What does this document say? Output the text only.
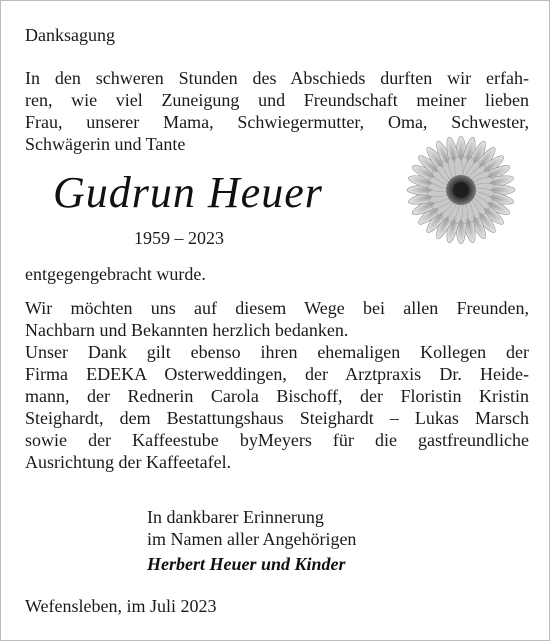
Danksagung
In den schweren Stunden des Abschieds durften wir erfah-
ren, wie viel Zuneigung und Freundschaft meiner lieben
Frau, unserer Mama, Schwiegermutter, Oma, Schwester,
Schwägerin und Tante
Gudrun Heuer
1959 – 2023
entgegengebracht wurde.
Wir möchten uns auf diesem Wege bei allen Freunden,
Nachbarn und Bekannten herzlich bedanken.
Unser Dank gilt ebenso ihren ehemaligen Kollegen der
Firma EDEKA Osterweddingen, der Arztpraxis Dr. Heide-
mann, der Rednerin Carola Bischoff, der Floristin Kristin
Steighardt, dem Bestattungshaus Steighardt – Lukas Marsch
sowie der Kaffeestube byMeyers für die gastfreundliche
Ausrichtung der Kaffeetafel.
In dankbarer Erinnerung
im Namen aller Angehörigen
Herbert Heuer und Kinder
Wefensleben, im Juli 2023
